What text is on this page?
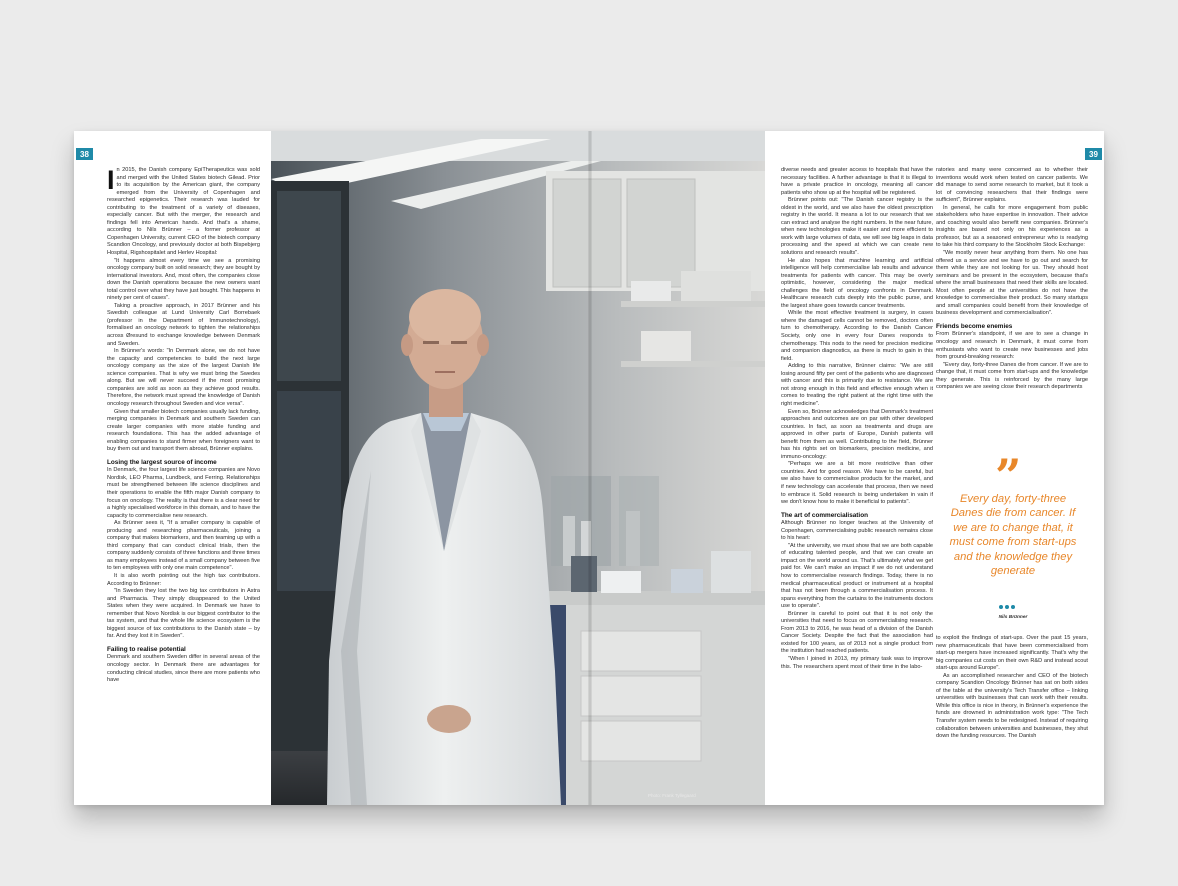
38	39

In 2015, the Danish company EpiTherapeutics was sold and merged with the United States biotech Gilead. Prior to its acquisition by the American giant, the company emerged from the University of Copenhagen and researched epigenetics. Their research was lauded for contributing to the treatment of a variety of diseases, especially cancer. But with the merger, the research and findings fell into American hands. And that's a shame, according to Nils Brünner – a former professor at Copenhagen University, current CEO of the biotech company Scandion Oncology, and previously doctor at both Bispebjerg Hospital, Rigshospitalet and Herlev Hospital:

"It happens almost every time we see a promising oncology company built on solid research; they are bought by international investors. And, most often, the companies close down the Danish operations because the new owners want total control over what they have just bought. This happens in ninety per cent of cases".

Taking a proactive approach, in 2017 Brünner and his Swedish colleague at Lund University Carl Borrebaek (professor in the Department of Immunotechnology), formalised an oncology network to tighten the relationships across Øresund to exchange knowledge between Denmark and Sweden.

In Brünner's words: "In Denmark alone, we do not have the capacity and competencies to build the next large oncology company as the size of the largest Danish life science companies. That is why we must bring the Swedes along. But we will never succeed if the most promising companies are sold as soon as they achieve good results. Therefore, the network must spread the knowledge of Danish oncology research throughout Sweden and vice versa".

Given that smaller biotech companies usually lack funding, merging companies in Denmark and southern Sweden can create larger companies with more stable funding and research foundations. This has the added advantage of enabling companies to stand firmer when foreigners want to buy them out and transport them abroad, Brünner explains.

Losing the largest source of income

In Denmark, the four largest life science companies are Novo Nordisk, LEO Pharma, Lundbeck, and Ferring. Relationships must be strengthened between life science disciplines and their operations to enable the fifth major Danish company to focus on oncology. The reality is that there is a clear need for a highly specialised workforce in this domain, and to have the capacity to commercialise new research.

As Brünner sees it, "If a smaller company is capable of producing and researching pharmaceuticals, joining a company that makes biomarkers, and then teaming up with a third company that can conduct clinical trials, then the company suddenly consists of three functions and three times as many employees instead of a small company between five to ten employees with only one main competence".

It is also worth pointing out the high tax contributors. According to Brünner:

"In Sweden they lost the two big tax contributors in Astra and Pharmacia. They simply disappeared to the United States when they were acquired. In Denmark we have to remember that Novo Nordisk is our biggest contributor to the tax system, and that the whole life science ecosystem is the biggest source of tax contributions to the Danish state – by far. And they lost it in Sweden".

Failing to realise potential

Denmark and southern Sweden differ in several areas of the oncology sector. In Denmark there are advantages for conducting clinical studies, since there are more patients who have

Photo: Frank Tyllegaard

diverse needs and greater access to hospitals that have the necessary facilities. A further advantage is that it is illegal to have a private practice in oncology, meaning all cancer patients who show up at the hospital will be registered.

Brünner points out: "The Danish cancer registry is the oldest in the world, and we also have the oldest prescription registry in the world. It means a lot to our research that we can extract and analyse the right numbers. In the near future, when new technologies make it easier and more efficient to work with large volumes of data, we will see big leaps in data processing and the speed at which we can create new solutions and research results".

He also hopes that machine learning and artificial intelligence will help commercialise lab results and advance treatments for patients with cancer. This may be overly optimistic, however, considering the major medical challenges the field of oncology confronts in Denmark. Healthcare research cuts deeply into the public purse, and the largest share goes towards cancer treatments.

While the most effective treatment is surgery, in cases where the damaged cells cannot be removed, doctors often turn to chemotherapy. According to the Danish Cancer Society, only one in every four Danes responds to chemotherapy. This nods to the need for precision medicine and companion diagnostics, as there is much to gain in this field.

Adding to this narrative, Brünner claims: "We are still losing around fifty per cent of the patients who are diagnosed with cancer and this is primarily due to resistance. We are not strong enough in this field and effective enough when it comes to treating the right patient at the right time with the right medicine".

Even so, Brünner acknowledges that Denmark's treatment approaches and outcomes are on par with other developed countries. In fact, as soon as treatments and drugs are approved in other parts of Europe, Danish patients will benefit from them as well. Contributing to the field, Brünner has his rights set on biomarkers, precision medicine, and immuno-oncology:

"Perhaps we are a bit more restrictive than other countries. And for good reason. We have to be careful, but we also have to commercialise products for the market, and if new technology can accelerate that process, then we need to embrace it. Solid research is being undertaken in vain if we don't know how to make it beneficial to patients".

The art of commercialisation

Although Brünner no longer teaches at the University of Copenhagen, commercialising public research remains close to his heart:

"At the university, we must show that we are both capable of educating talented people, and that we can create an impact on the world around us. That's ultimately what we get paid for. We can't make an impact if we do not understand how to commercialise research findings. Today, there is no medical pharmaceutical product or instrument at a hospital that has not been through a commercialisation process. It spans everything from the curtains to the instruments doctors use to operate".

Brünner is careful to point out that it is not only the universities that need to focus on commercialising research. From 2013 to 2016, he was head of a division of the Danish Cancer Society. Despite the fact that the association had existed for 100 years, as of 2013 not a single product from the institution had reached patients.

"When I joined in 2013, my primary task was to improve this. The researchers spent most of their time in the labo-

ratories and many were concerned as to whether their inventions would work when tested on cancer patients. We did manage to send some research to market, but it took a lot of convincing researchers that their findings were sufficient", Brünner explains.

In general, he calls for more engagement from public stakeholders who have expertise in innovation. Their advice and coaching would also benefit new companies. Brünner's insights are based not only on his experiences as a professor, but as a seasoned entrepreneur who is readying to take his third company to the Stockholm Stock Exchange:

"We mostly never hear anything from them. No one has offered us a service and we have to go out and search for them while they are not looking for us. They should host seminars and be present in the ecosystem, because that's where the small businesses that need their skills are located. Most often people at the universities do not have the knowledge to commercialise their product. So many startups and small companies could benefit from their knowledge of business development and commercialisation".

Friends become enemies

From Brünner's standpoint, if we are to see a change in oncology and research in Denmark, it must come from enthusiasts who want to create new businesses and jobs from ground-breaking research:

"Every day, forty-three Danes die from cancer. If we are to change that, it must come from start-ups and the knowledge they generate. This is reinforced by the many large companies we are seeing close their research departments

”
Every day, forty-three Danes die from cancer. If we are to change that, it must come from start-ups and the knowledge they generate
Nils Brünner

to exploit the findings of start-ups. Over the past 15 years, new pharmaceuticals that have been commercialised from start-up mergers have increased significantly. That's why the big companies cut costs on their own R&D and instead scout start-ups around Europe".

As an accomplished researcher and CEO of the biotech company Scandion Oncology Brünner has sat on both sides of the table at the university's Tech Transfer office – linking universities with businesses that can work with their results. While this office is nice in theory, in Brünner's experience the funds are drowned in administration work type: "The Tech Transfer system needs to be redesigned. Instead of requiring collaboration between universities and businesses, they shut down the funding resources. The Danish
